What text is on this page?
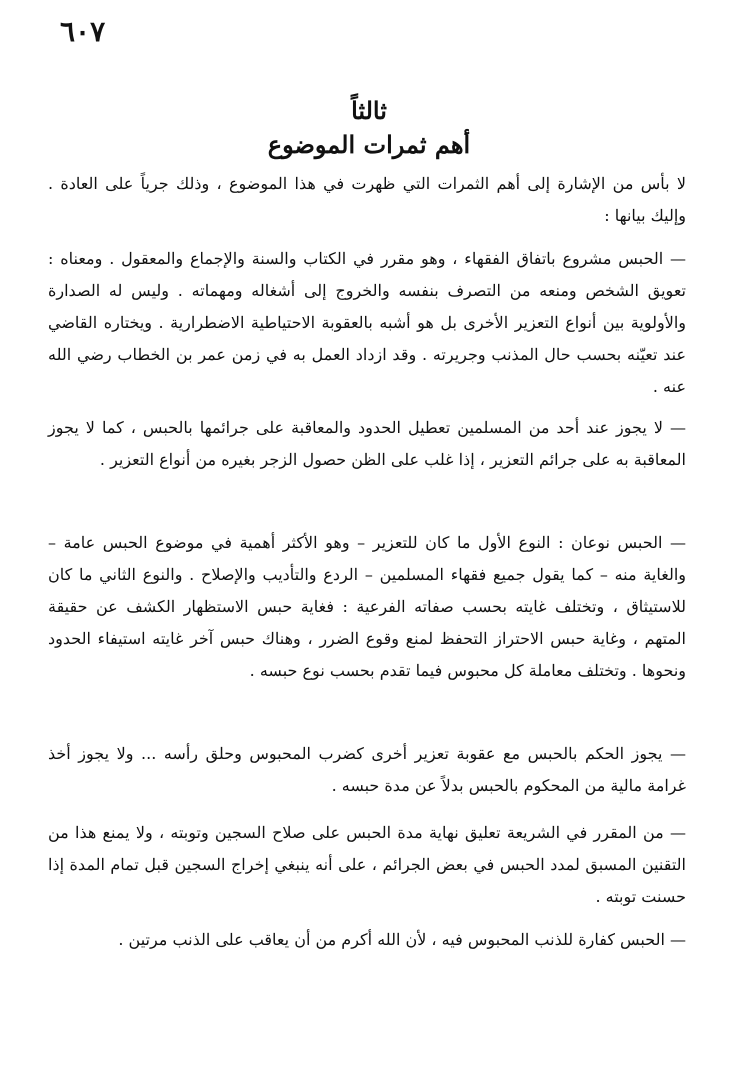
٦٠٧
ثالثاً
أهم ثمرات الموضوع

لا بأس من الإشارة إلى أهم الثمرات التي ظهرت في هذا الموضوع ، وذلك جرياً على العادة . وإليك بيانها :

— الحبس مشروع باتفاق الفقهاء ، وهو مقرر في الكتاب والسنة والإجماع والمعقول . ومعناه : تعويق الشخص ومنعه من التصرف بنفسه والخروج إلى أشغاله ومهماته . وليس له الصدارة والأولوية بين أنواع التعزير الأخرى بل هو أشبه بالعقوبة الاحتياطية الاضطرارية . ويختاره القاضي عند تعيّنه بحسب حال المذنب وجريرته . وقد ازداد العمل به في زمن عمر بن الخطاب رضي الله عنه .

— لا يجوز عند أحد من المسلمين تعطيل الحدود والمعاقبة على جرائمها بالحبس ، كما لا يجوز المعاقبة به على جرائم التعزير ، إذا غلب على الظن حصول الزجر بغيره من أنواع التعزير .

— الحبس نوعان : النوع الأول ما كان للتعزير – وهو الأكثر أهمية في موضوع الحبس عامة – والغاية منه – كما يقول جميع فقهاء المسلمين – الردع والتأديب والإصلاح . والنوع الثاني ما كان للاستيثاق ، وتختلف غايته بحسب صفاته الفرعية : فغاية حبس الاستظهار الكشف عن حقيقة المتهم ، وغاية حبس الاحتراز التحفظ لمنع وقوع الضرر ، وهناك حبس آخر غايته استيفاء الحدود ونحوها . وتختلف معاملة كل محبوس فيما تقدم بحسب نوع حبسه .

— يجوز الحكم بالحبس مع عقوبة تعزير أخرى كضرب المحبوس وحلق رأسه ... ولا يجوز أخذ غرامة مالية من المحكوم بالحبس بدلاً عن مدة حبسه .

— من المقرر في الشريعة تعليق نهاية مدة الحبس على صلاح السجين وتوبته ، ولا يمنع هذا من التقنين المسبق لمدد الحبس في بعض الجرائم ، على أنه ينبغي إخراج السجين قبل تمام المدة إذا حسنت توبته .

— الحبس كفارة للذنب المحبوس فيه ، لأن الله أكرم من أن يعاقب على الذنب مرتين .
